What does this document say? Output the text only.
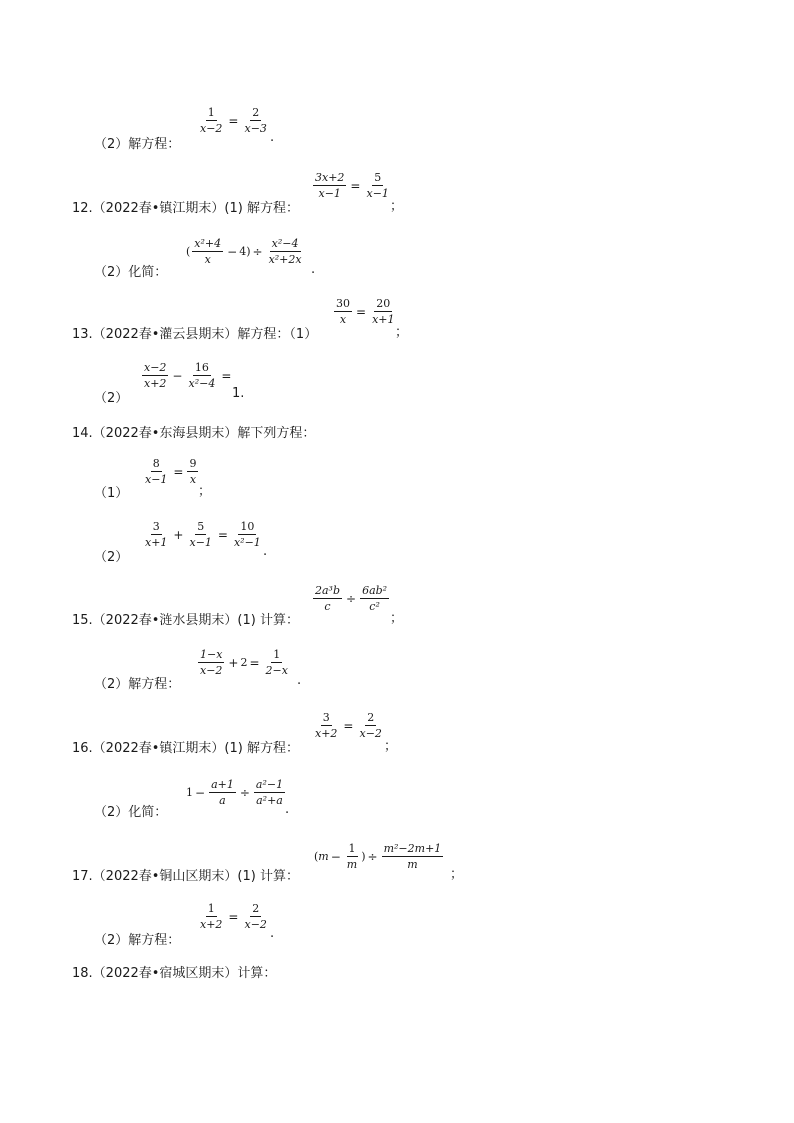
（2）解方程：
$\frac{1}{x-2} = \frac{2}{x-3}$
.
12.（2022春•镇江期末）(1) 解方程：
$\frac{3x+2}{x-1} = \frac{5}{x-1}$
；
（2）化简：
(
x²+4
x
− 4 ) ÷ $\frac{\text{x²−4}}{\text{x²+2x}}$
.
13.（2022春•灌云县期末）解方程：（1）
$\frac{30}{x} = \frac{20}{x+1}$
；
（2）
x−2
x+2
− $\frac{16}{\text{x²−4}}$ =
1.
14.（2022春•东海县期末）解下列方程：
（1）
$\frac{8}{x-1} = \frac{9}{x}$
；
（2）
3
x+1
+ $\frac{5}{x-1} = \frac{10}{\text{x²−1}}$
.
15.（2022春•涟水县期末）(1) 计算：
$\frac{\text{2a³b}}{c} \div \frac{\text{6ab²}}{\text{c²}}$
；
（2）解方程：
1−x
x−2
+ $2 = \frac{1}{2-x}$
.
16.（2022春•镇江期末）(1) 解方程：
$\frac{3}{x+2} = \frac{2}{x-2}$
；
（2）化简：
$1 - \frac{a+1}{a} \div \frac{\text{a²−1}}{\text{a²+a}}$
.
17.（2022春•铜山区期末）(1) 计算：
( $m - \frac{1}{m}$ ) ÷ $\frac{\text{m²−2m+1}}{m}$
；
（2）解方程：
$\frac{1}{x+2} = \frac{2}{x-2}$
.
18.（2022春•宿城区期末）计算：
